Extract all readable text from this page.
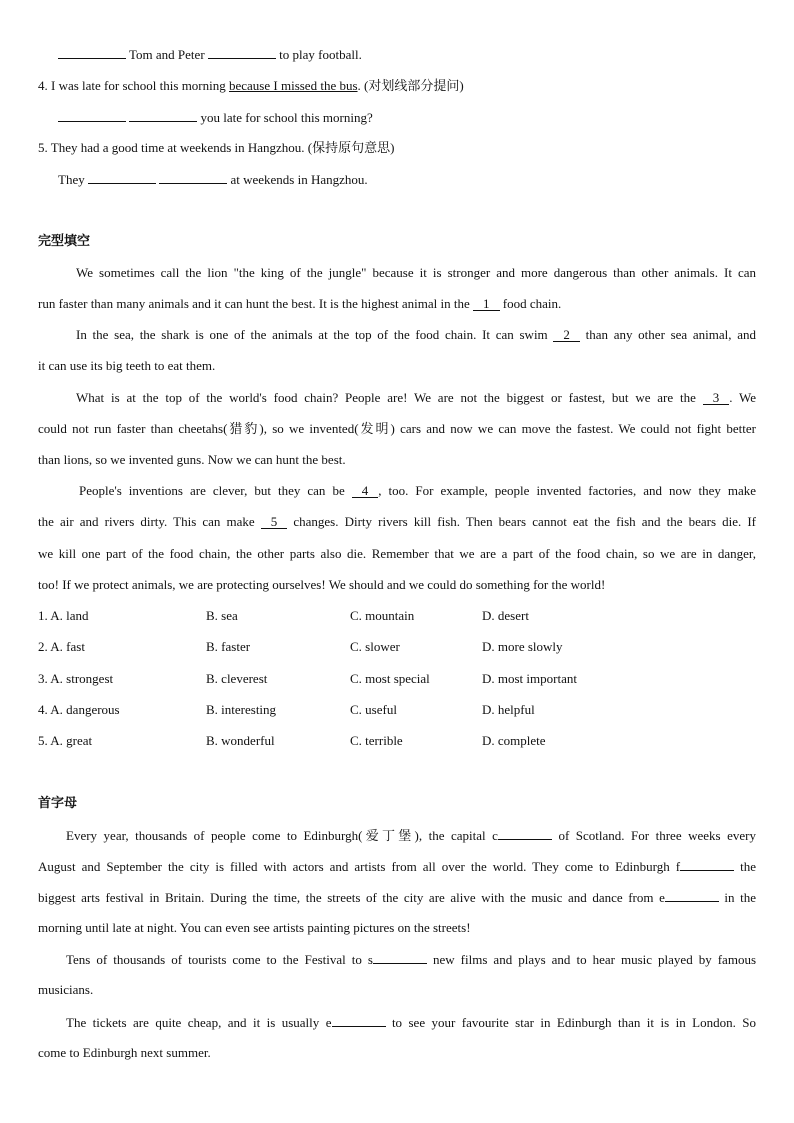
Tom and Peter	to play football.
4. I was late for school this morning because I missed the bus. (对划线部分提问)
you late for school this morning?
5. They had a good time at weekends in Hangzhou. (保持原句意思)
They	at weekends in Hangzhou.
完型填空
We sometimes call the lion "the king of the jungle" because it is stronger and more dangerous than other animals. It can
run faster than many animals and it can hunt the best. It is the highest animal in the 1 food chain.
In the sea, the shark is one of the animals at the top of the food chain. It can swim 2 than any other sea animal, and
it can use its big teeth to eat them.
What is at the top of the world's food chain? People are! We are not the biggest or fastest, but we are the 3 . We
could not run faster than cheetahs(猎豹), so we invented(发明) cars and now we can move the fastest. We could not fight better
than lions, so we invented guns. Now we can hunt the best.
People's inventions are clever, but they can be 4 , too. For example, people invented factories, and now they make
the air and rivers dirty. This can make 5 changes. Dirty rivers kill fish. Then bears cannot eat the fish and the bears die. If
we kill one part of the food chain, the other parts also die. Remember that we are a part of the food chain, so we are in danger,
too! If we protect animals, we are protecting ourselves! We should and we could do something for the world!
1. A. land	B. sea	C. mountain	D. desert
2. A. fast	B. faster	C. slower	D. more slowly
3. A. strongest	B. cleverest	C. most special	D. most important
4. A. dangerous	B. interesting	C. useful	D. helpful
5. A. great	B. wonderful	C. terrible	D. complete
首字母
Every year, thousands of people come to Edinburgh(爱丁堡), the capital c	of Scotland. For three weeks every
August and September the city is filled with actors and artists from all over the world. They come to Edinburgh f	the
biggest arts festival in Britain. During the time, the streets of the city are alive with the music and dance from e	in the
morning until late at night. You can even see artists painting pictures on the streets!
Tens of thousands of tourists come to the Festival to s	new films and plays and to hear music played by famous
musicians.
The tickets are quite cheap, and it is usually e	to see your favourite star in Edinburgh than it is in London. So
come to Edinburgh next summer.
